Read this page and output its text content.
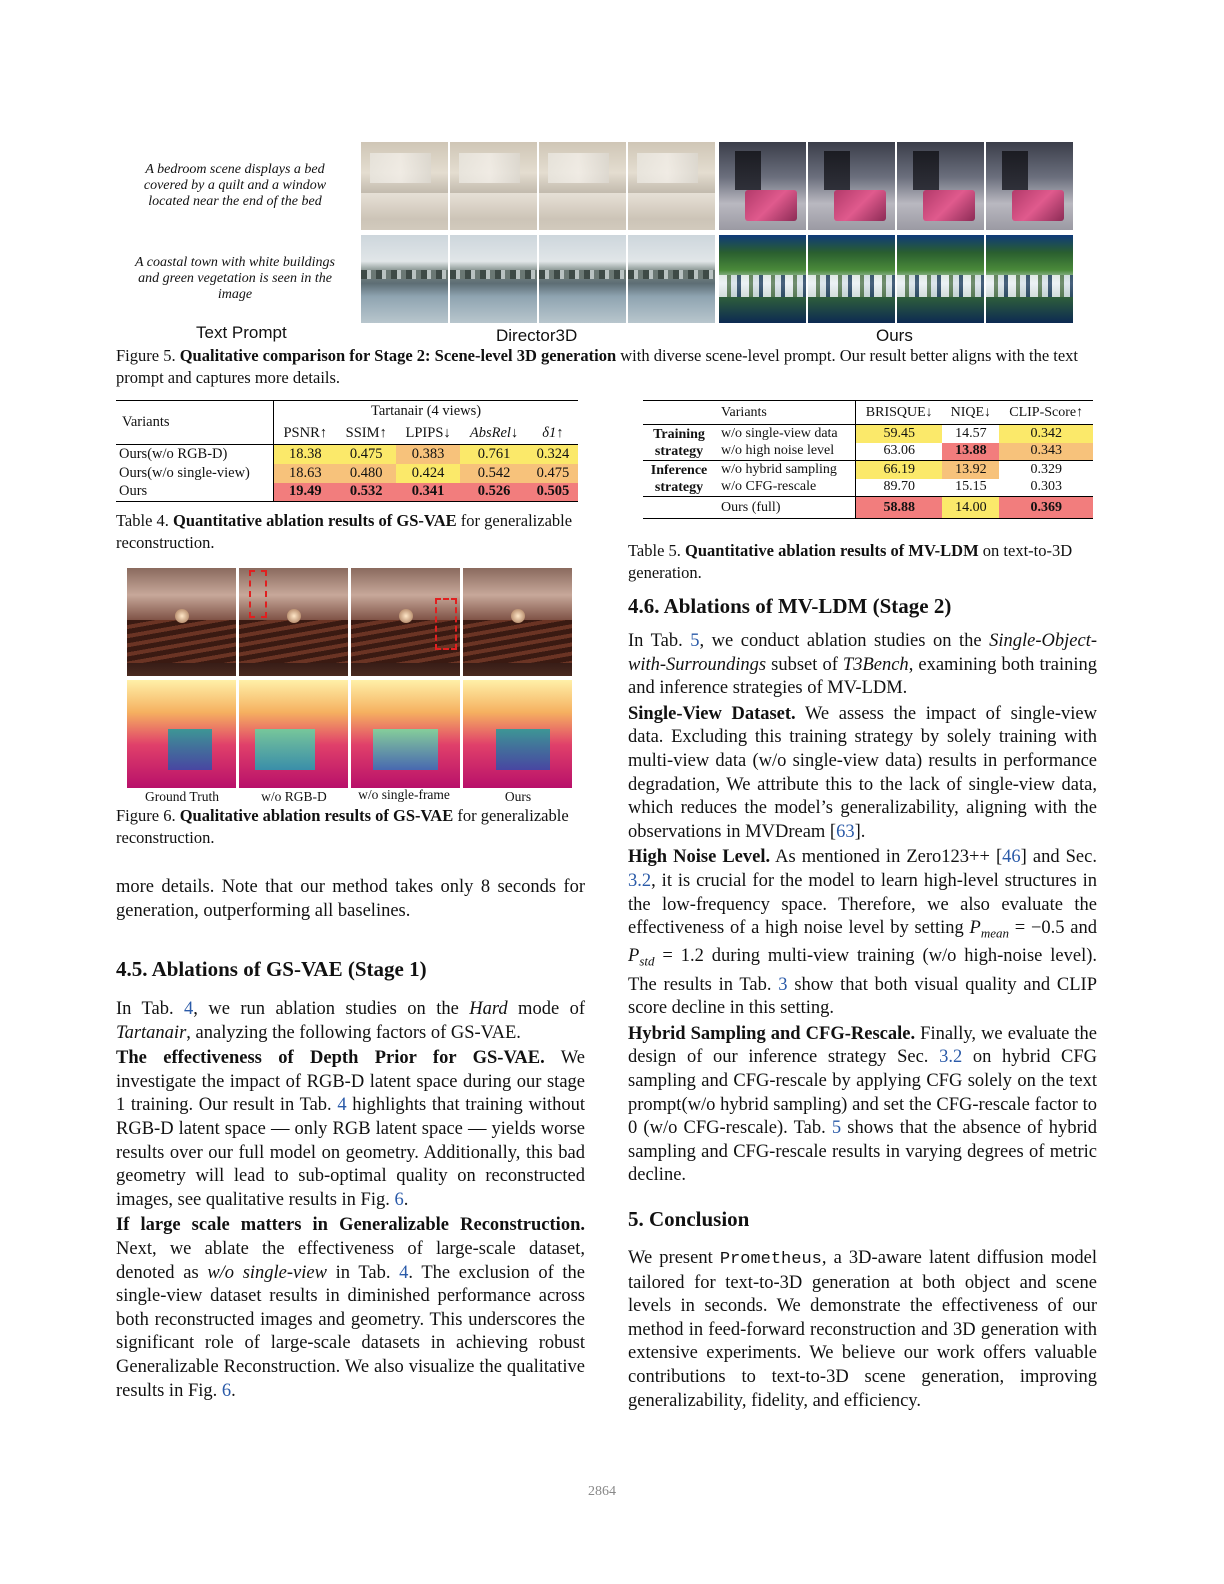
A bedroom scene displays a bed covered by a quilt and a window located near the end of the bed
A coastal town with white buildings and green vegetation is seen in the image
Text Prompt	Director3D	Ours
Figure 5. Qualitative comparison for Stage 2: Scene-level 3D generation with diverse scene-level prompt. Our result better aligns with the text prompt and captures more details.
Variants	Tartanair (4 views)				
	PSNR↑	SSIM↑	LPIPS↓	AbsRel↓	δ1↑
Ours(w/o RGB-D)	18.38	0.475	0.383	0.761	0.324
Ours(w/o single-view)	18.63	0.480	0.424	0.542	0.475
Ours	19.49	0.532	0.341	0.526	0.505
Table 4. Quantitative ablation results of GS-VAE for generalizable reconstruction.
Ground Truth	w/o RGB-D	w/o single-frame	Ours
Figure 6. Qualitative ablation results of GS-VAE for generalizable reconstruction.
more details. Note that our method takes only 8 seconds for generation, outperforming all baselines.
4.5. Ablations of GS-VAE (Stage 1)

In Tab. 4, we run ablation studies on the Hard mode of Tartanair, analyzing the following factors of GS-VAE.

The effectiveness of Depth Prior for GS-VAE. We investigate the impact of RGB-D latent space during our stage 1 training. Our result in Tab. 4 highlights that training without RGB-D latent space — only RGB latent space — yields worse results over our full model on geometry. Additionally, this bad geometry will lead to sub-optimal quality on reconstructed images, see qualitative results in Fig. 6.

If large scale matters in Generalizable Reconstruction. Next, we ablate the effectiveness of large-scale dataset, denoted as w/o single-view in Tab. 4. The exclusion of the single-view dataset results in diminished performance across both reconstructed images and geometry. This underscores the significant role of large-scale datasets in achieving robust Generalizable Reconstruction. We also visualize the qualitative results in Fig. 6.

	Variants	BRISQUE↓	NIQE↓	CLIP-Score↑
Training strategy	w/o single-view data	59.45	14.57	0.342
	w/o high noise level	63.06	13.88	0.343
Inference strategy	w/o hybrid sampling	66.19	13.92	0.329
	w/o CFG-rescale	89.70	15.15	0.303
	Ours (full)	58.88	14.00	0.369
Table 5. Quantitative ablation results of MV-LDM on text-to-3D generation.
4.6. Ablations of MV-LDM (Stage 2)

In Tab. 5, we conduct ablation studies on the Single-Object-with-Surroundings subset of T3Bench, examining both training and inference strategies of MV-LDM.

Single-View Dataset. We assess the impact of single-view data. Excluding this training strategy by solely training with multi-view data (w/o single-view data) results in performance degradation, We attribute this to the lack of single-view data, which reduces the model’s generalizability, aligning with the observations in MVDream [63].

High Noise Level. As mentioned in Zero123++ [46] and Sec. 3.2, it is crucial for the model to learn high-level structures in the low-frequency space. Therefore, we also evaluate the effectiveness of a high noise level by setting $P_{mean} = -0.5$ and $P_{std} = 1.2$ during multi-view training (w/o high-noise level). The results in Tab. 3 show that both visual quality and CLIP score decline in this setting.

Hybrid Sampling and CFG-Rescale. Finally, we evaluate the design of our inference strategy Sec. 3.2 on hybrid CFG sampling and CFG-rescale by applying CFG solely on the text prompt(w/o hybrid sampling) and set the CFG-rescale factor to 0 (w/o CFG-rescale). Tab. 5 shows that the absence of hybrid sampling and CFG-rescale results in varying degrees of metric decline.

5. Conclusion
We present Prometheus, a 3D-aware latent diffusion model tailored for text-to-3D generation at both object and scene levels in seconds. We demonstrate the effectiveness of our method in feed-forward reconstruction and 3D generation with extensive experiments. We believe our work offers valuable contributions to text-to-3D scene generation, improving generalizability, fidelity, and efficiency.
2864
